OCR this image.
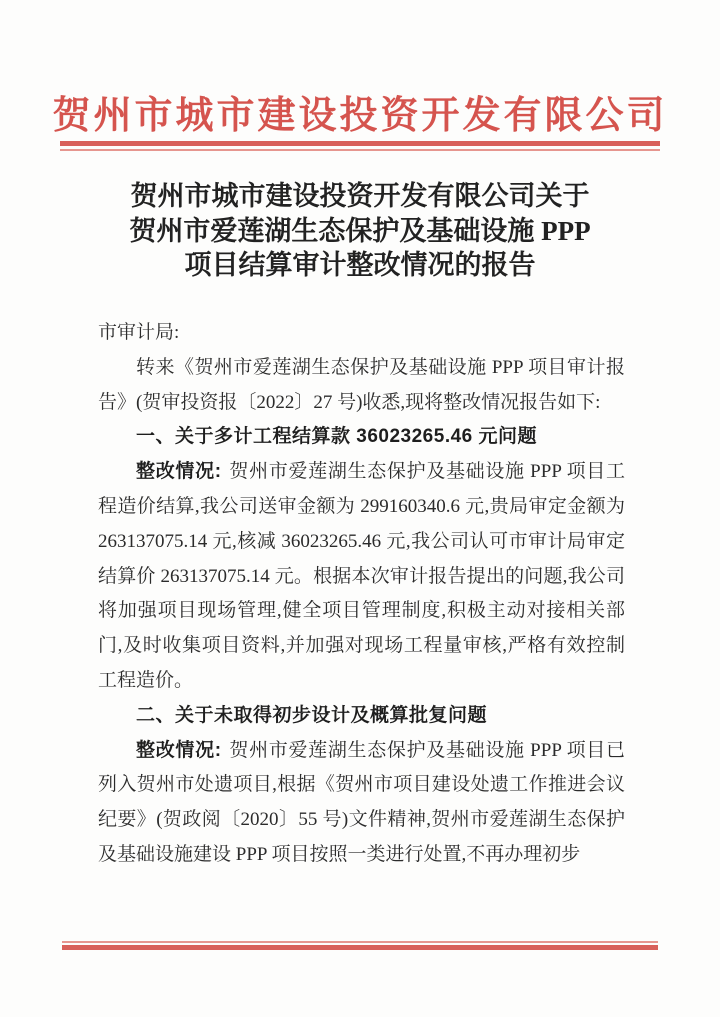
贺州市城市建设投资开发有限公司
贺州市城市建设投资开发有限公司关于
贺州市爱莲湖生态保护及基础设施 PPP
项目结算审计整改情况的报告

市审计局:

转来《贺州市爱莲湖生态保护及基础设施 PPP 项目审计报告》(贺审投资报〔2022〕27 号)收悉,现将整改情况报告如下:

一、关于多计工程结算款 36023265.46 元问题

整改情况: 贺州市爱莲湖生态保护及基础设施 PPP 项目工程造价结算,我公司送审金额为 299160340.6 元,贵局审定金额为 263137075.14 元,核减 36023265.46 元,我公司认可市审计局审定结算价 263137075.14 元。根据本次审计报告提出的问题,我公司将加强项目现场管理,健全项目管理制度,积极主动对接相关部门,及时收集项目资料,并加强对现场工程量审核,严格有效控制工程造价。

二、关于未取得初步设计及概算批复问题

整改情况: 贺州市爱莲湖生态保护及基础设施 PPP 项目已列入贺州市处遗项目,根据《贺州市项目建设处遗工作推进会议纪要》(贺政阅〔2020〕55 号)文件精神,贺州市爱莲湖生态保护及基础设施建设 PPP 项目按照一类进行处置,不再办理初步
